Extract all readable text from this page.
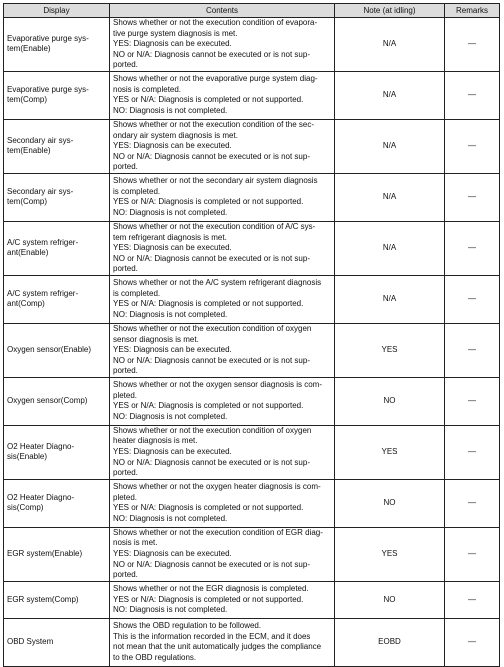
Display	Contents	Note (at idling)	Remarks

Evaporative purge sys-
tem(Enable)	Shows whether or not the execution condition of evapora-
tive purge system diagnosis is met.
YES: Diagnosis can be executed.
NO or N/A: Diagnosis cannot be executed or is not sup-
ported.	N/A	—

Evaporative purge sys-
tem(Comp)	Shows whether or not the evaporative purge system diag-
nosis is completed.
YES or N/A: Diagnosis is completed or not supported.
NO: Diagnosis is not completed.	N/A	—

Secondary air sys-
tem(Enable)	Shows whether or not the execution condition of the sec-
ondary air system diagnosis is met.
YES: Diagnosis can be executed.
NO or N/A: Diagnosis cannot be executed or is not sup-
ported.	N/A	—

Secondary air sys-
tem(Comp)	Shows whether or not the secondary air system diagnosis
is completed.
YES or N/A: Diagnosis is completed or not supported.
NO: Diagnosis is not completed.	N/A	—

A/C system refriger-
ant(Enable)	Shows whether or not the execution condition of A/C sys-
tem refrigerant diagnosis is met.
YES: Diagnosis can be executed.
NO or N/A: Diagnosis cannot be executed or is not sup-
ported.	N/A	—

A/C system refriger-
ant(Comp)	Shows whether or not the A/C system refrigerant diagnosis
is completed.
YES or N/A: Diagnosis is completed or not supported.
NO: Diagnosis is not completed.	N/A	—

Oxygen sensor(Enable)	Shows whether or not the execution condition of oxygen
sensor diagnosis is met.
YES: Diagnosis can be executed.
NO or N/A: Diagnosis cannot be executed or is not sup-
ported.	YES	—

Oxygen sensor(Comp)	Shows whether or not the oxygen sensor diagnosis is com-
pleted.
YES or N/A: Diagnosis is completed or not supported.
NO: Diagnosis is not completed.	NO	—

O2 Heater Diagno-
sis(Enable)	Shows whether or not the execution condition of oxygen
heater diagnosis is met.
YES: Diagnosis can be executed.
NO or N/A: Diagnosis cannot be executed or is not sup-
ported.	YES	—

O2 Heater Diagno-
sis(Comp)	Shows whether or not the oxygen heater diagnosis is com-
pleted.
YES or N/A: Diagnosis is completed or not supported.
NO: Diagnosis is not completed.	NO	—

EGR system(Enable)	Shows whether or not the execution condition of EGR diag-
nosis is met.
YES: Diagnosis can be executed.
NO or N/A: Diagnosis cannot be executed or is not sup-
ported.	YES	—

EGR system(Comp)	Shows whether or not the EGR diagnosis is completed.
YES or N/A: Diagnosis is completed or not supported.
NO: Diagnosis is not completed.	NO	—

OBD System	Shows the OBD regulation to be followed.
This is the information recorded in the ECM, and it does
not mean that the unit automatically judges the compliance
to the OBD regulations.	EOBD	—
